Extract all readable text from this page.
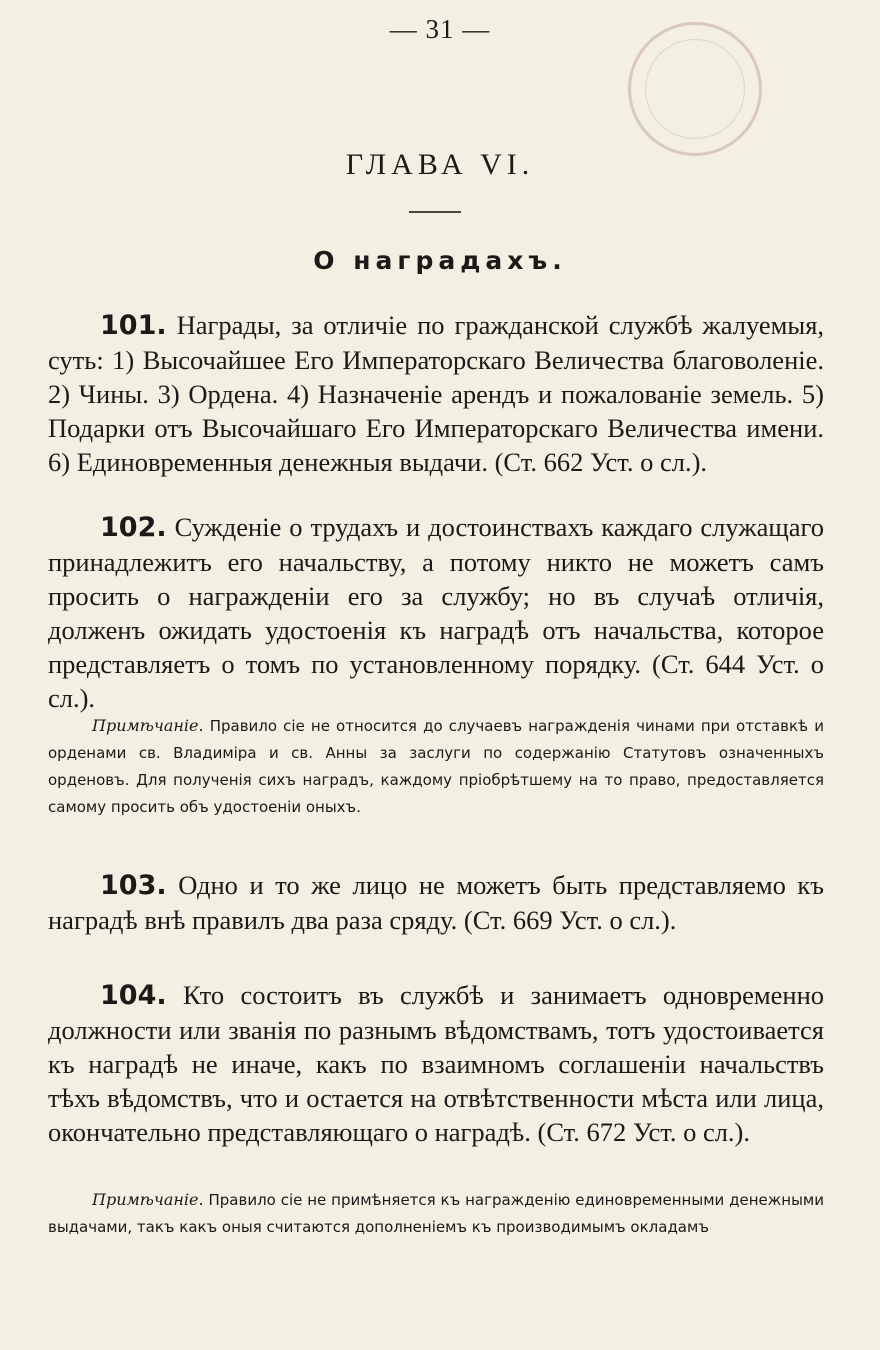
— 31 —
ГЛАВА VI.
О наградахъ.
101. Награды, за отличіе по гражданской службѣ жалуемыя, суть: 1) Высочайшее Его Императорскаго Величества благоволеніе. 2) Чины. 3) Ордена. 4) Назначеніе арендъ и пожалованіе земель. 5) Подарки отъ Высочайшаго Его Императорскаго Величества имени. 6) Единовременныя денежныя выдачи. (Ст. 662 Уст. о сл.).
102. Сужденіе о трудахъ и достоинствахъ каждаго служащаго принадлежитъ его начальству, а потому никто не можетъ самъ просить о награжденіи его за службу; но въ случаѣ отличія, долженъ ожидать удостоенія къ наградѣ отъ начальства, которое представляетъ о томъ по установленному порядку. (Ст. 644 Уст. о сл.).
Примѣчаніе. Правило сіе не относится до случаевъ награжденія чинами при отставкѣ и орденами св. Владиміра и св. Анны за заслуги по содержанію Статутовъ означенныхъ орденовъ. Для полученія сихъ наградъ, каждому пріобрѣтшему на то право, предоставляется самому просить объ удостоеніи оныхъ.
103. Одно и то же лицо не можетъ быть представляемо къ наградѣ внѣ правилъ два раза сряду. (Ст. 669 Уст. о сл.).
104. Кто состоитъ въ службѣ и занимаетъ одновременно должности или званія по разнымъ вѣдомствамъ, тотъ удостоивается къ наградѣ не иначе, какъ по взаимномъ соглашеніи начальствъ тѣхъ вѣдомствъ, что и остается на отвѣтственности мѣста или лица, окончательно представляющаго о наградѣ. (Ст. 672 Уст. о сл.).
Примѣчаніе. Правило сіе не примѣняется къ награжденію единовременными денежными выдачами, такъ какъ оныя считаются дополненіемъ къ производимымъ окладамъ
